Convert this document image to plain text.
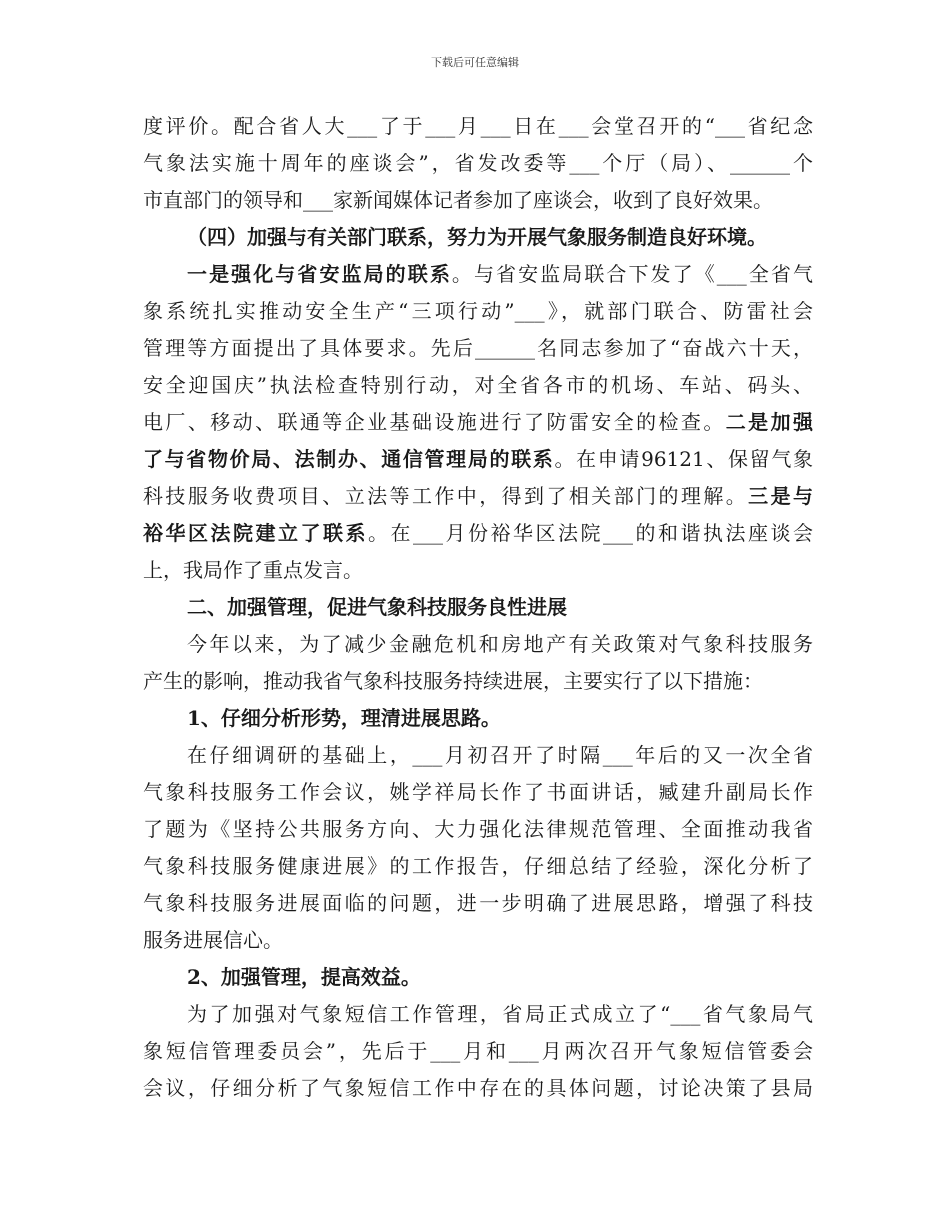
下载后可任意编辑
度评价。配合省人大___了于___月___日在___会堂召开的“___省纪念
气象法实施十周年的座谈会”，省发改委等___个厅（局）、______个
市直部门的领导和___家新闻媒体记者参加了座谈会，收到了良好效果。
（四）加强与有关部门联系，努力为开展气象服务制造良好环境。
一是强化与省安监局的联系。与省安监局联合下发了《___全省气
象系统扎实推动安全生产“三项行动”___》，就部门联合、防雷社会
管理等方面提出了具体要求。先后______名同志参加了“奋战六十天，
安全迎国庆”执法检查特别行动，对全省各市的机场、车站、码头、
电厂、移动、联通等企业基础设施进行了防雷安全的检查。二是加强
了与省物价局、法制办、通信管理局的联系。在申请96121、保留气象
科技服务收费项目、立法等工作中，得到了相关部门的理解。三是与
裕华区法院建立了联系。在___月份裕华区法院___的和谐执法座谈会
上，我局作了重点发言。
二、加强管理，促进气象科技服务良性进展
今年以来，为了减少金融危机和房地产有关政策对气象科技服务
产生的影响，推动我省气象科技服务持续进展，主要实行了以下措施：
1、仔细分析形势，理清进展思路。
在仔细调研的基础上，___月初召开了时隔___年后的又一次全省
气象科技服务工作会议，姚学祥局长作了书面讲话，臧建升副局长作
了题为《坚持公共服务方向、大力强化法律规范管理、全面推动我省
气象科技服务健康进展》的工作报告，仔细总结了经验，深化分析了
气象科技服务进展面临的问题，进一步明确了进展思路，增强了科技
服务进展信心。
2、加强管理，提高效益。
为了加强对气象短信工作管理，省局正式成立了“___省气象局气
象短信管理委员会”，先后于___月和___月两次召开气象短信管委会
会议，仔细分析了气象短信工作中存在的具体问题，讨论决策了县局
